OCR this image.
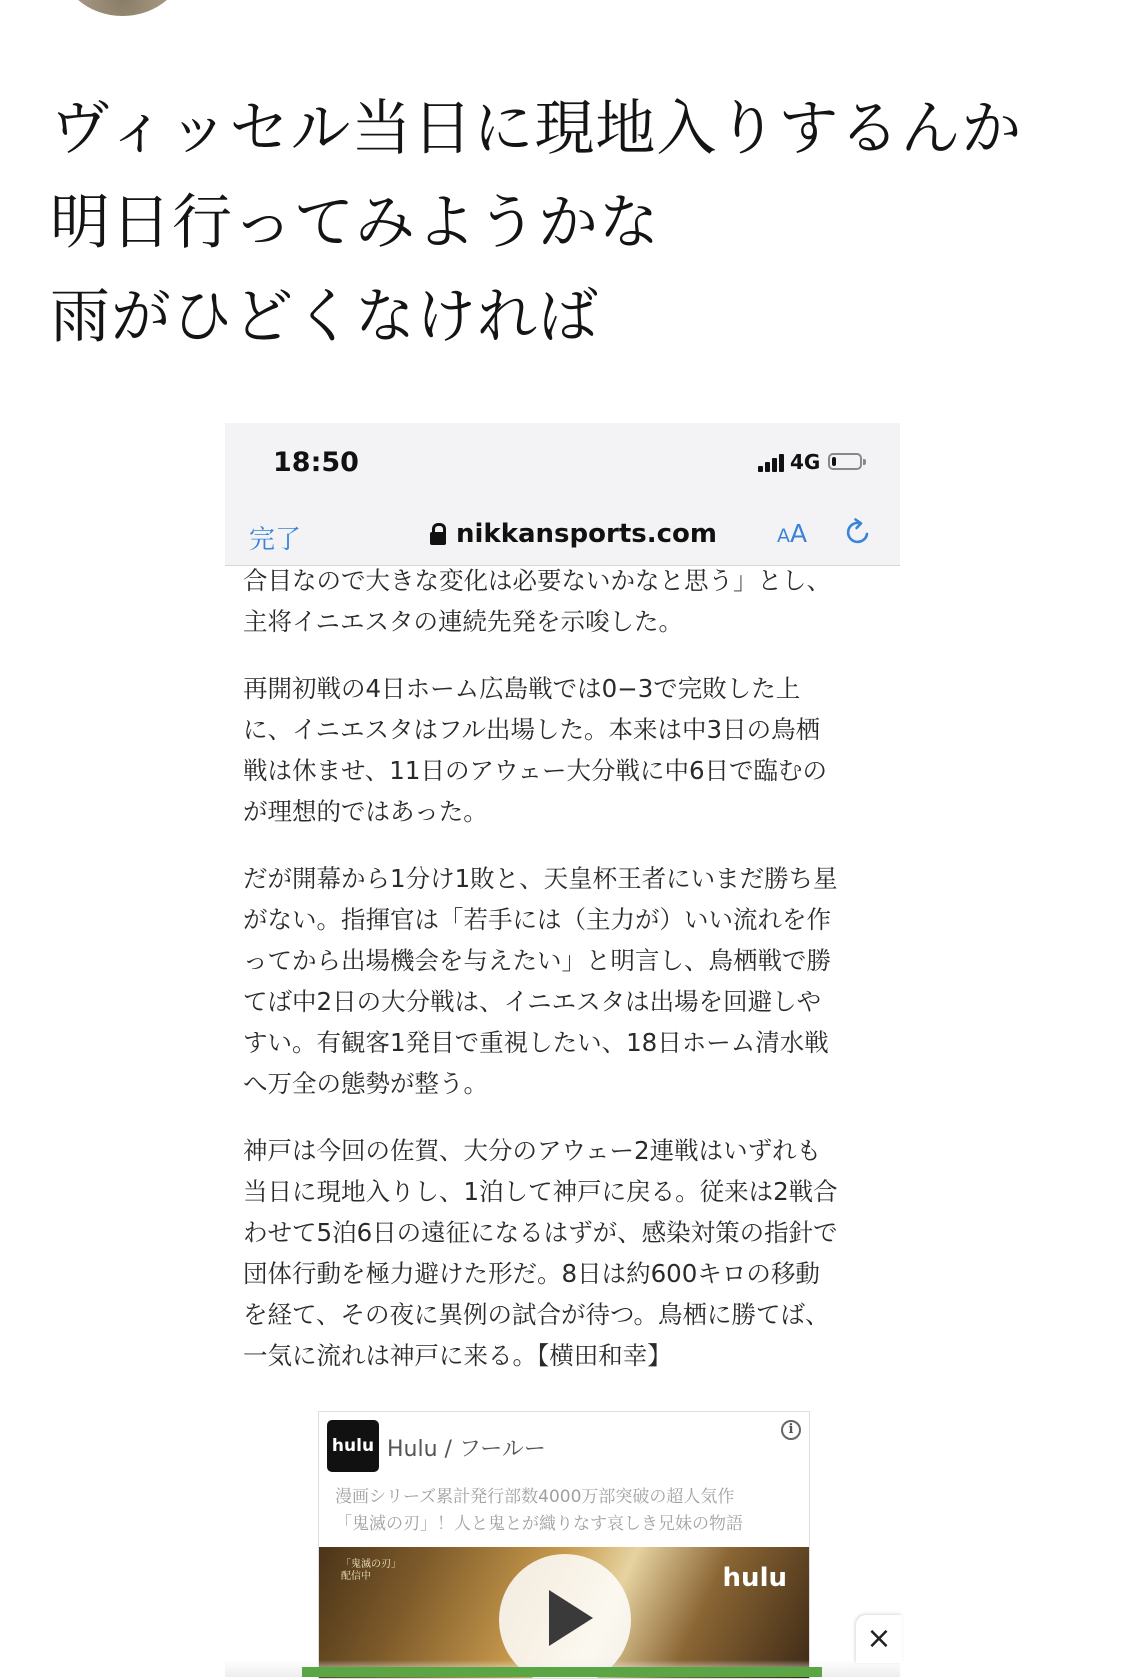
ヴィッセル当日に現地入りするんか
明日行ってみようかな
雨がひどくなければ
18:50	4G
完了	nikkansports.com	AA

合目なので大きな変化は必要ないかなと思う」とし、
主将イニエスタの連続先発を示唆した。

再開初戦の4日ホーム広島戦では0−3で完敗した上
に、イニエスタはフル出場した。本来は中3日の鳥栖
戦は休ませ、11日のアウェー大分戦に中6日で臨むの
が理想的ではあった。

だが開幕から1分け1敗と、天皇杯王者にいまだ勝ち星
がない。指揮官は「若手には（主力が）いい流れを作
ってから出場機会を与えたい」と明言し、鳥栖戦で勝
てば中2日の大分戦は、イニエスタは出場を回避しや
すい。有観客1発目で重視したい、18日ホーム清水戦
へ万全の態勢が整う。

神戸は今回の佐賀、大分のアウェー2連戦はいずれも
当日に現地入りし、1泊して神戸に戻る。従来は2戦合
わせて5泊6日の遠征になるはずが、感染対策の指針で
団体行動を極力避けた形だ。8日は約600キロの移動
を経て、その夜に異例の試合が待つ。鳥栖に勝てば、
一気に流れは神戸に来る。【横田和幸】

i
hulu Hulu / フールー
漫画シリーズ累計発行部数4000万部突破の超人気作
「鬼滅の刃」！人と鬼とが織りなす哀しき兄妹の物語
「鬼滅の刃」配信中	hulu
×
